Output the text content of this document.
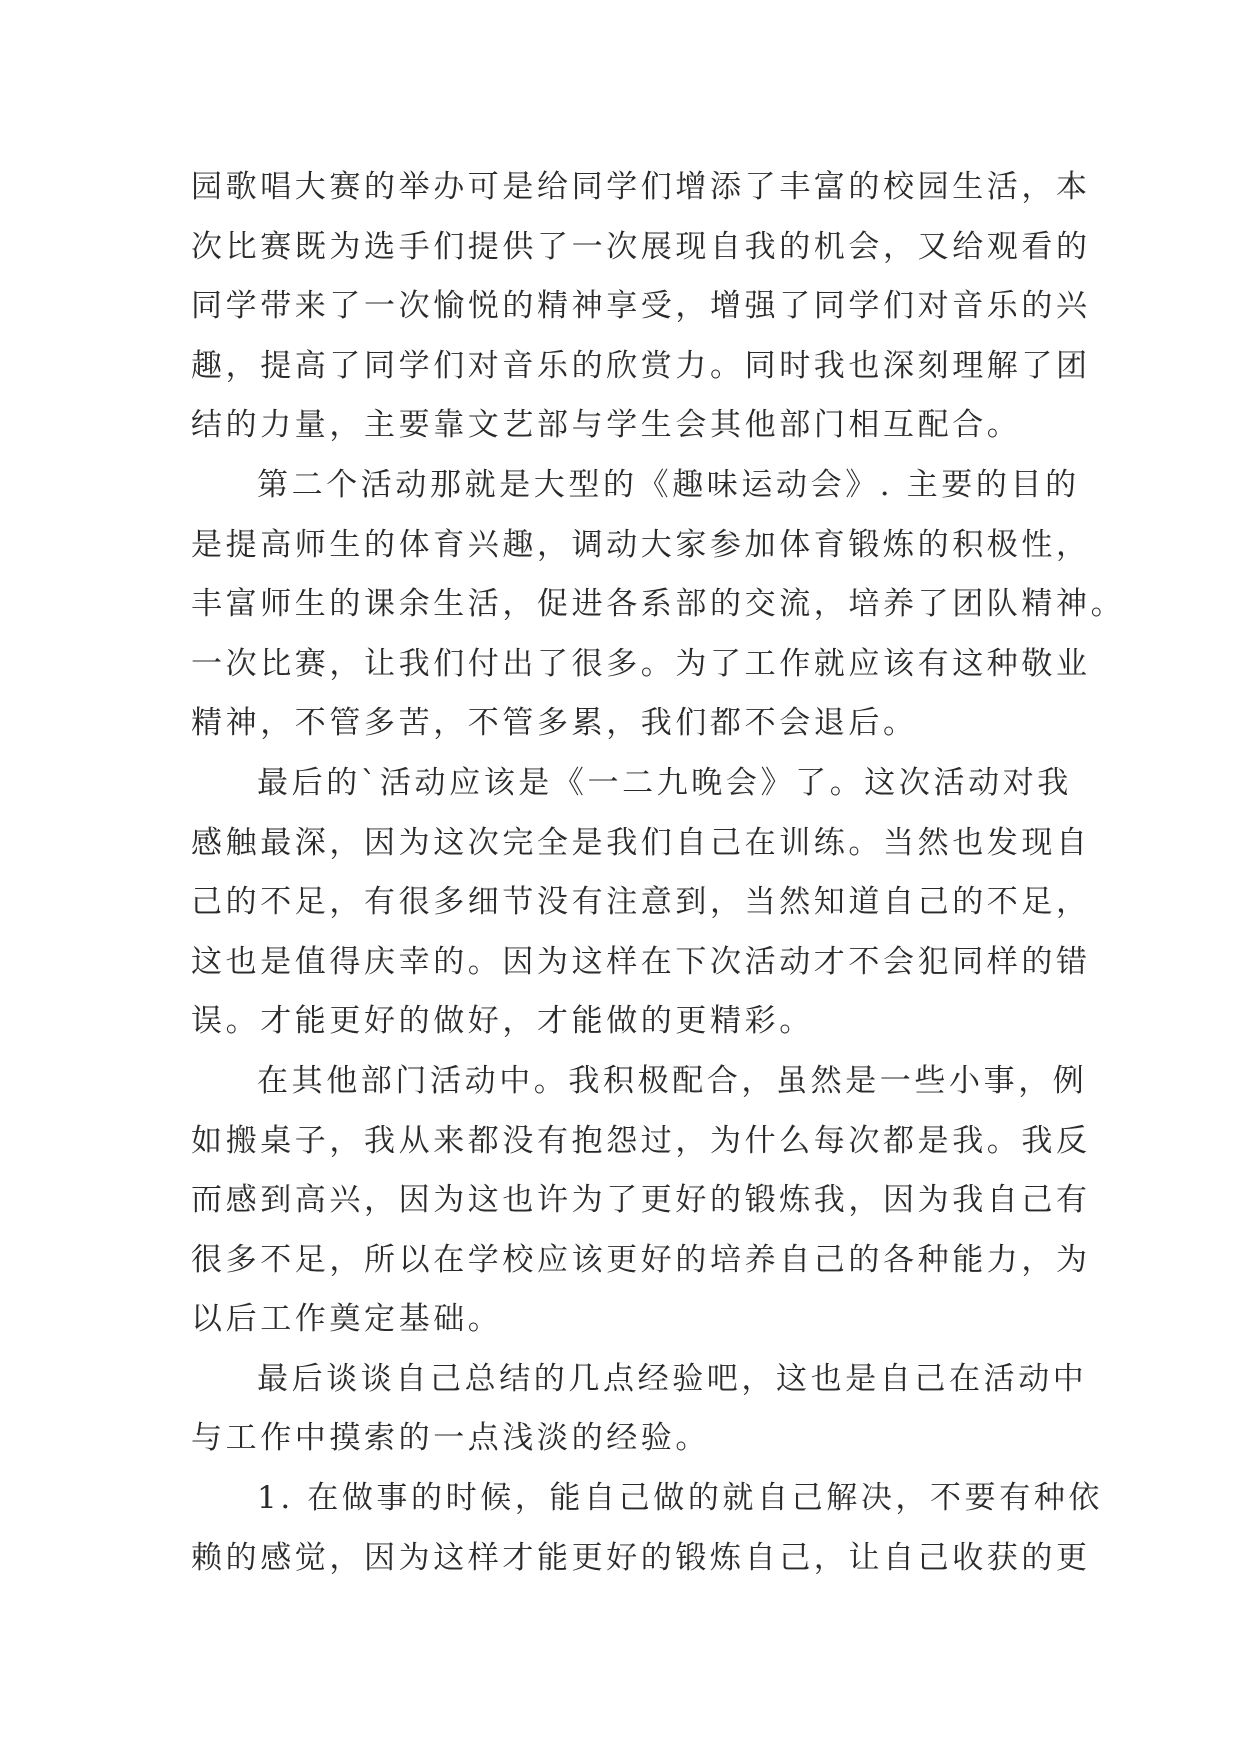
园歌唱大赛的举办可是给同学们增添了丰富的校园生活，本
次比赛既为选手们提供了一次展现自我的机会，又给观看的
同学带来了一次愉悦的精神享受，增强了同学们对音乐的兴
趣，提高了同学们对音乐的欣赏力。同时我也深刻理解了团
结的力量，主要靠文艺部与学生会其他部门相互配合。
第二个活动那就是大型的《趣味运动会》. 主要的目的
是提高师生的体育兴趣，调动大家参加体育锻炼的积极性，
丰富师生的课余生活，促进各系部的交流，培养了团队精神。
一次比赛，让我们付出了很多。为了工作就应该有这种敬业
精神，不管多苦，不管多累，我们都不会退后。
最后的`活动应该是《一二九晚会》了。这次活动对我
感触最深，因为这次完全是我们自己在训练。当然也发现自
己的不足，有很多细节没有注意到，当然知道自己的不足，
这也是值得庆幸的。因为这样在下次活动才不会犯同样的错
误。才能更好的做好，才能做的更精彩。
在其他部门活动中。我积极配合，虽然是一些小事，例
如搬桌子，我从来都没有抱怨过，为什么每次都是我。我反
而感到高兴，因为这也许为了更好的锻炼我，因为我自己有
很多不足，所以在学校应该更好的培养自己的各种能力，为
以后工作奠定基础。
最后谈谈自己总结的几点经验吧，这也是自己在活动中
与工作中摸索的一点浅淡的经验。
1. 在做事的时候，能自己做的就自己解决，不要有种依
赖的感觉，因为这样才能更好的锻炼自己，让自己收获的更
